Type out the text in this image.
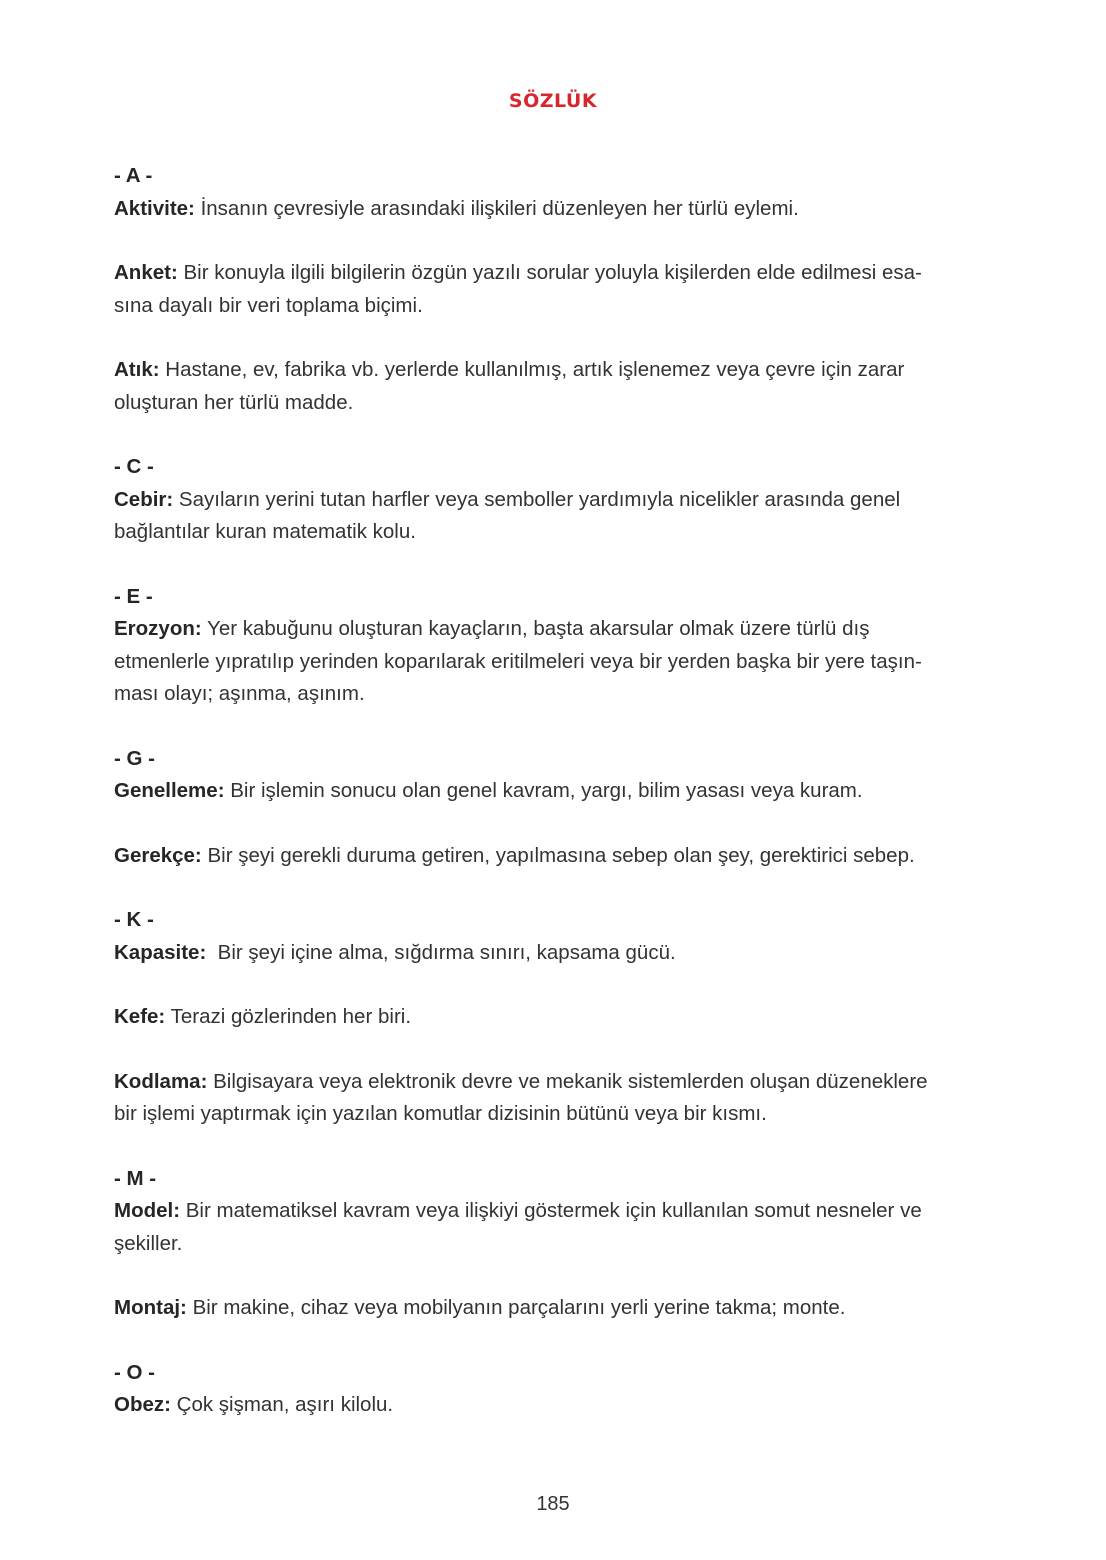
SÖZLÜK
- A -

Aktivite: İnsanın çevresiyle arasındaki ilişkileri düzenleyen her türlü eylemi.

Anket: Bir konuyla ilgili bilgilerin özgün yazılı sorular yoluyla kişilerden elde edilmesi esa-
sına dayalı bir veri toplama biçimi.

Atık: Hastane, ev, fabrika vb. yerlerde kullanılmış, artık işlenemez veya çevre için zarar
oluşturan her türlü madde.

- C -

Cebir: Sayıların yerini tutan harfler veya semboller yardımıyla nicelikler arasında genel
bağlantılar kuran matematik kolu.

- E -

Erozyon: Yer kabuğunu oluşturan kayaçların, başta akarsular olmak üzere türlü dış
etmenlerle yıpratılıp yerinden koparılarak eritilmeleri veya bir yerden başka bir yere taşın-
ması olayı; aşınma, aşınım.

- G -

Genelleme: Bir işlemin sonucu olan genel kavram, yargı, bilim yasası veya kuram.

Gerekçe: Bir şeyi gerekli duruma getiren, yapılmasına sebep olan şey, gerektirici sebep.

- K -

Kapasite:  Bir şeyi içine alma, sığdırma sınırı, kapsama gücü.

Kefe: Terazi gözlerinden her biri.

Kodlama: Bilgisayara veya elektronik devre ve mekanik sistemlerden oluşan düzeneklere
bir işlemi yaptırmak için yazılan komutlar dizisinin bütünü veya bir kısmı.

- M -

Model: Bir matematiksel kavram veya ilişkiyi göstermek için kullanılan somut nesneler ve
şekiller.

Montaj: Bir makine, cihaz veya mobilyanın parçalarını yerli yerine takma; monte.

- O -

Obez: Çok şişman, aşırı kilolu.

185
